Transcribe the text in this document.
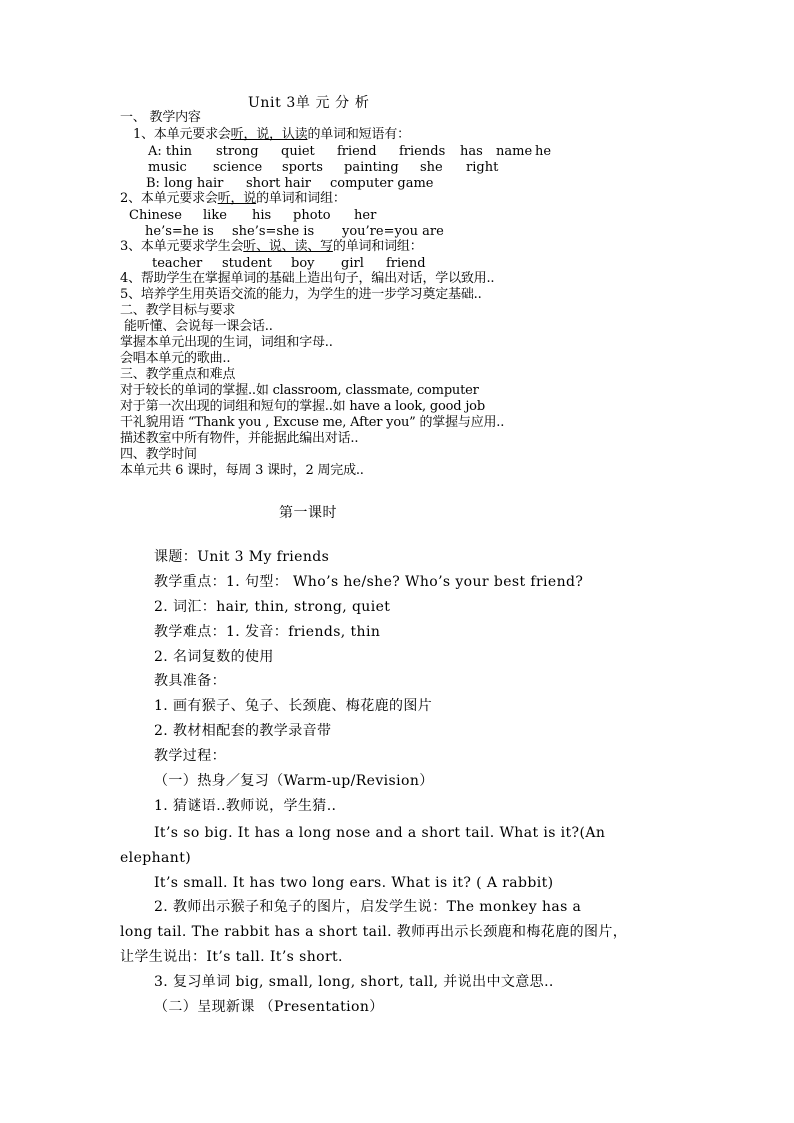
Unit 3单 元 分 析
一、 教学内容
1、本单元要求会听，说，认读的单词和短语有：
A: thin strong quiet friend friends has name he
music science sports painting she right
B: long hair short hair computer game
2、本单元要求会听，说的单词和词组：
Chinese like his photo her
he’s=he is she’s=she is you’re=you are
3、本单元要求学生会听、说、读、写的单词和词组：
teacher student boy girl friend
4、帮助学生在掌握单词的基础上造出句子，编出对话，学以致用..
5、培养学生用英语交流的能力，为学生的进一步学习奠定基础..
二、教学目标与要求
能听懂、会说每一课会话..
掌握本单元出现的生词，词组和字母..
会唱本单元的歌曲..
三、教学重点和难点
对于较长的单词的掌握..如 classroom, classmate, computer
对于第一次出现的词组和短句的掌握..如 have a look, good job
干礼貌用语 “Thank you , Excuse me, After you” 的掌握与应用..
描述教室中所有物件，并能据此编出对话..
四、教学时间
本单元共 6 课时，每周 3 课时，2 周完成..
第一课时
课题：Unit 3 My friends
教学重点：1. 句型： Who’s he/she? Who’s your best friend?
2. 词汇：hair, thin, strong, quiet
教学难点：1. 发音：friends, thin
2. 名词复数的使用
教具准备：
1. 画有猴子、兔子、长颈鹿、梅花鹿的图片
2. 教材相配套的教学录音带
教学过程：
（一）热身／复习（Warm-up/Revision）
1. 猜谜语..教师说，学生猜..
It’s so big. It has a long nose and a short tail. What is it?(An
elephant)
It’s small. It has two long ears. What is it? ( A rabbit)
2. 教师出示猴子和兔子的图片，启发学生说：The monkey has a
long tail. The rabbit has a short tail. 教师再出示长颈鹿和梅花鹿的图片，
让学生说出：It’s tall. It’s short.
3. 复习单词 big, small, long, short, tall, 并说出中文意思..
（二）呈现新课 （Presentation）
